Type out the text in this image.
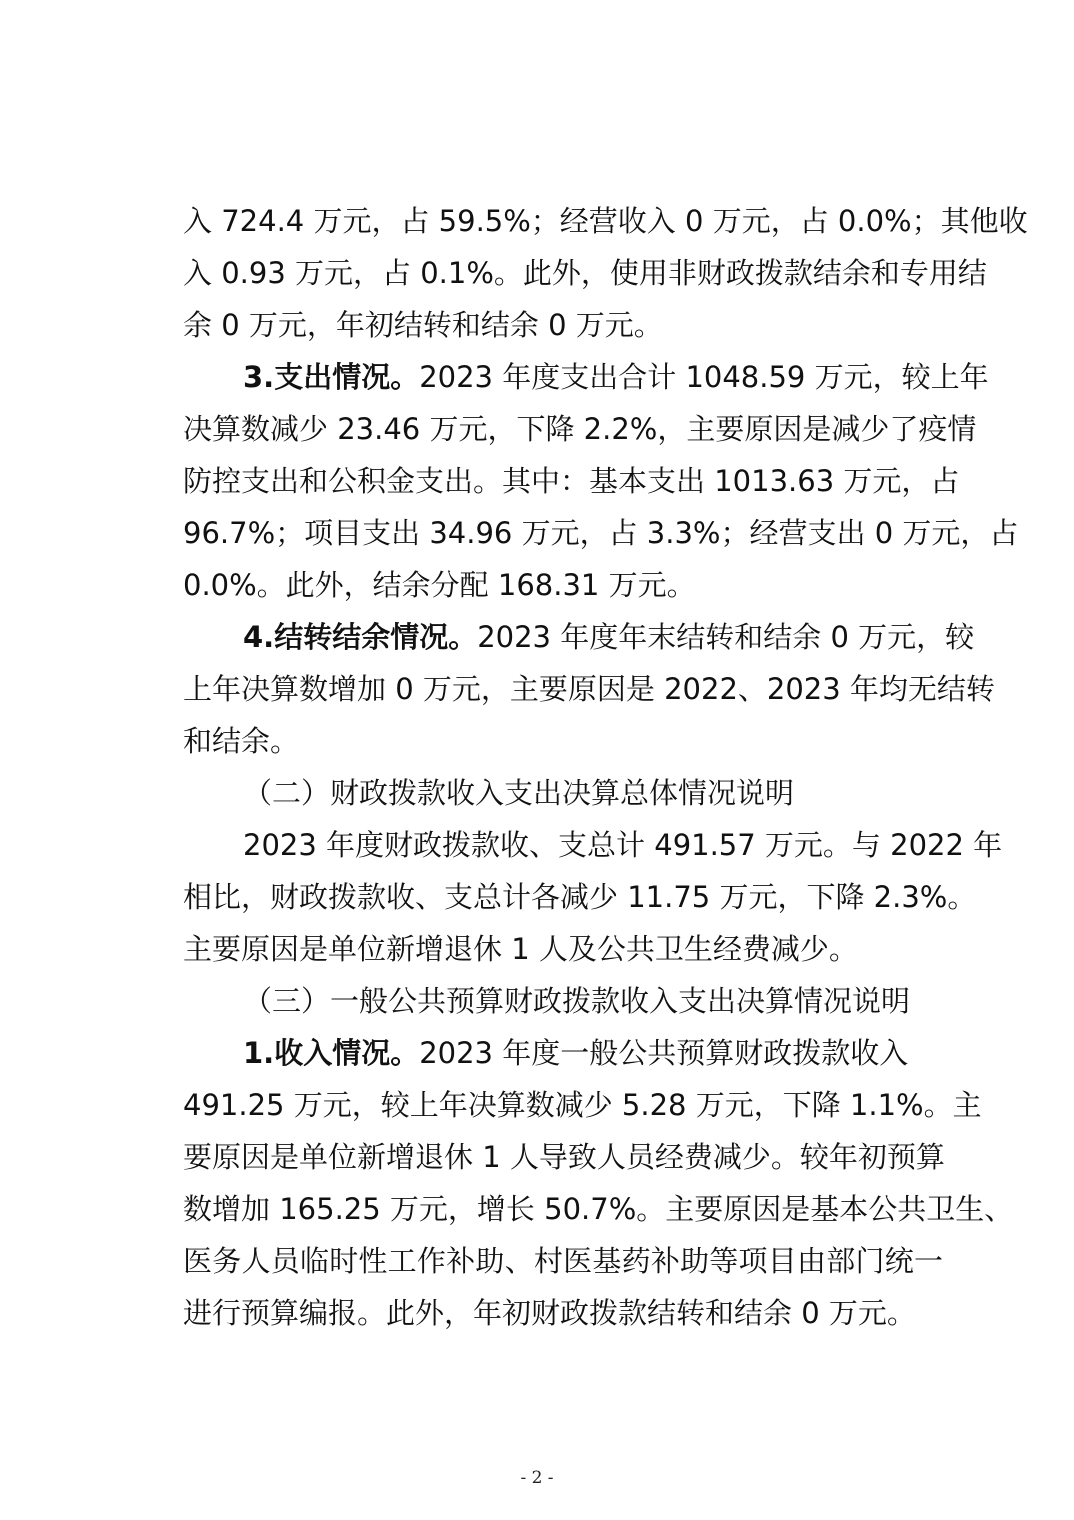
入 724.4 万元，占 59.5%；经营收入 0 万元，占 0.0%；其他收
入 0.93 万元，占 0.1%。此外，使用非财政拨款结余和专用结
余 0 万元，年初结转和结余 0 万元。
3.支出情况。2023 年度支出合计 1048.59 万元，较上年
决算数减少 23.46 万元，下降 2.2%，主要原因是减少了疫情
防控支出和公积金支出。其中：基本支出 1013.63 万元，占
96.7%；项目支出 34.96 万元，占 3.3%；经营支出 0 万元，占
0.0%。此外，结余分配 168.31 万元。
4.结转结余情况。2023 年度年末结转和结余 0 万元，较
上年决算数增加 0 万元，主要原因是 2022、2023 年均无结转
和结余。
（二）财政拨款收入支出决算总体情况说明
2023 年度财政拨款收、支总计 491.57 万元。与 2022 年
相比，财政拨款收、支总计各减少 11.75 万元，下降 2.3%。
主要原因是单位新增退休 1 人及公共卫生经费减少。
（三）一般公共预算财政拨款收入支出决算情况说明
1.收入情况。2023 年度一般公共预算财政拨款收入
491.25 万元，较上年决算数减少 5.28 万元，下降 1.1%。主
要原因是单位新增退休 1 人导致人员经费减少。较年初预算
数增加 165.25 万元，增长 50.7%。主要原因是基本公共卫生、
医务人员临时性工作补助、村医基药补助等项目由部门统一
进行预算编报。此外，年初财政拨款结转和结余 0 万元。
- 2 -
